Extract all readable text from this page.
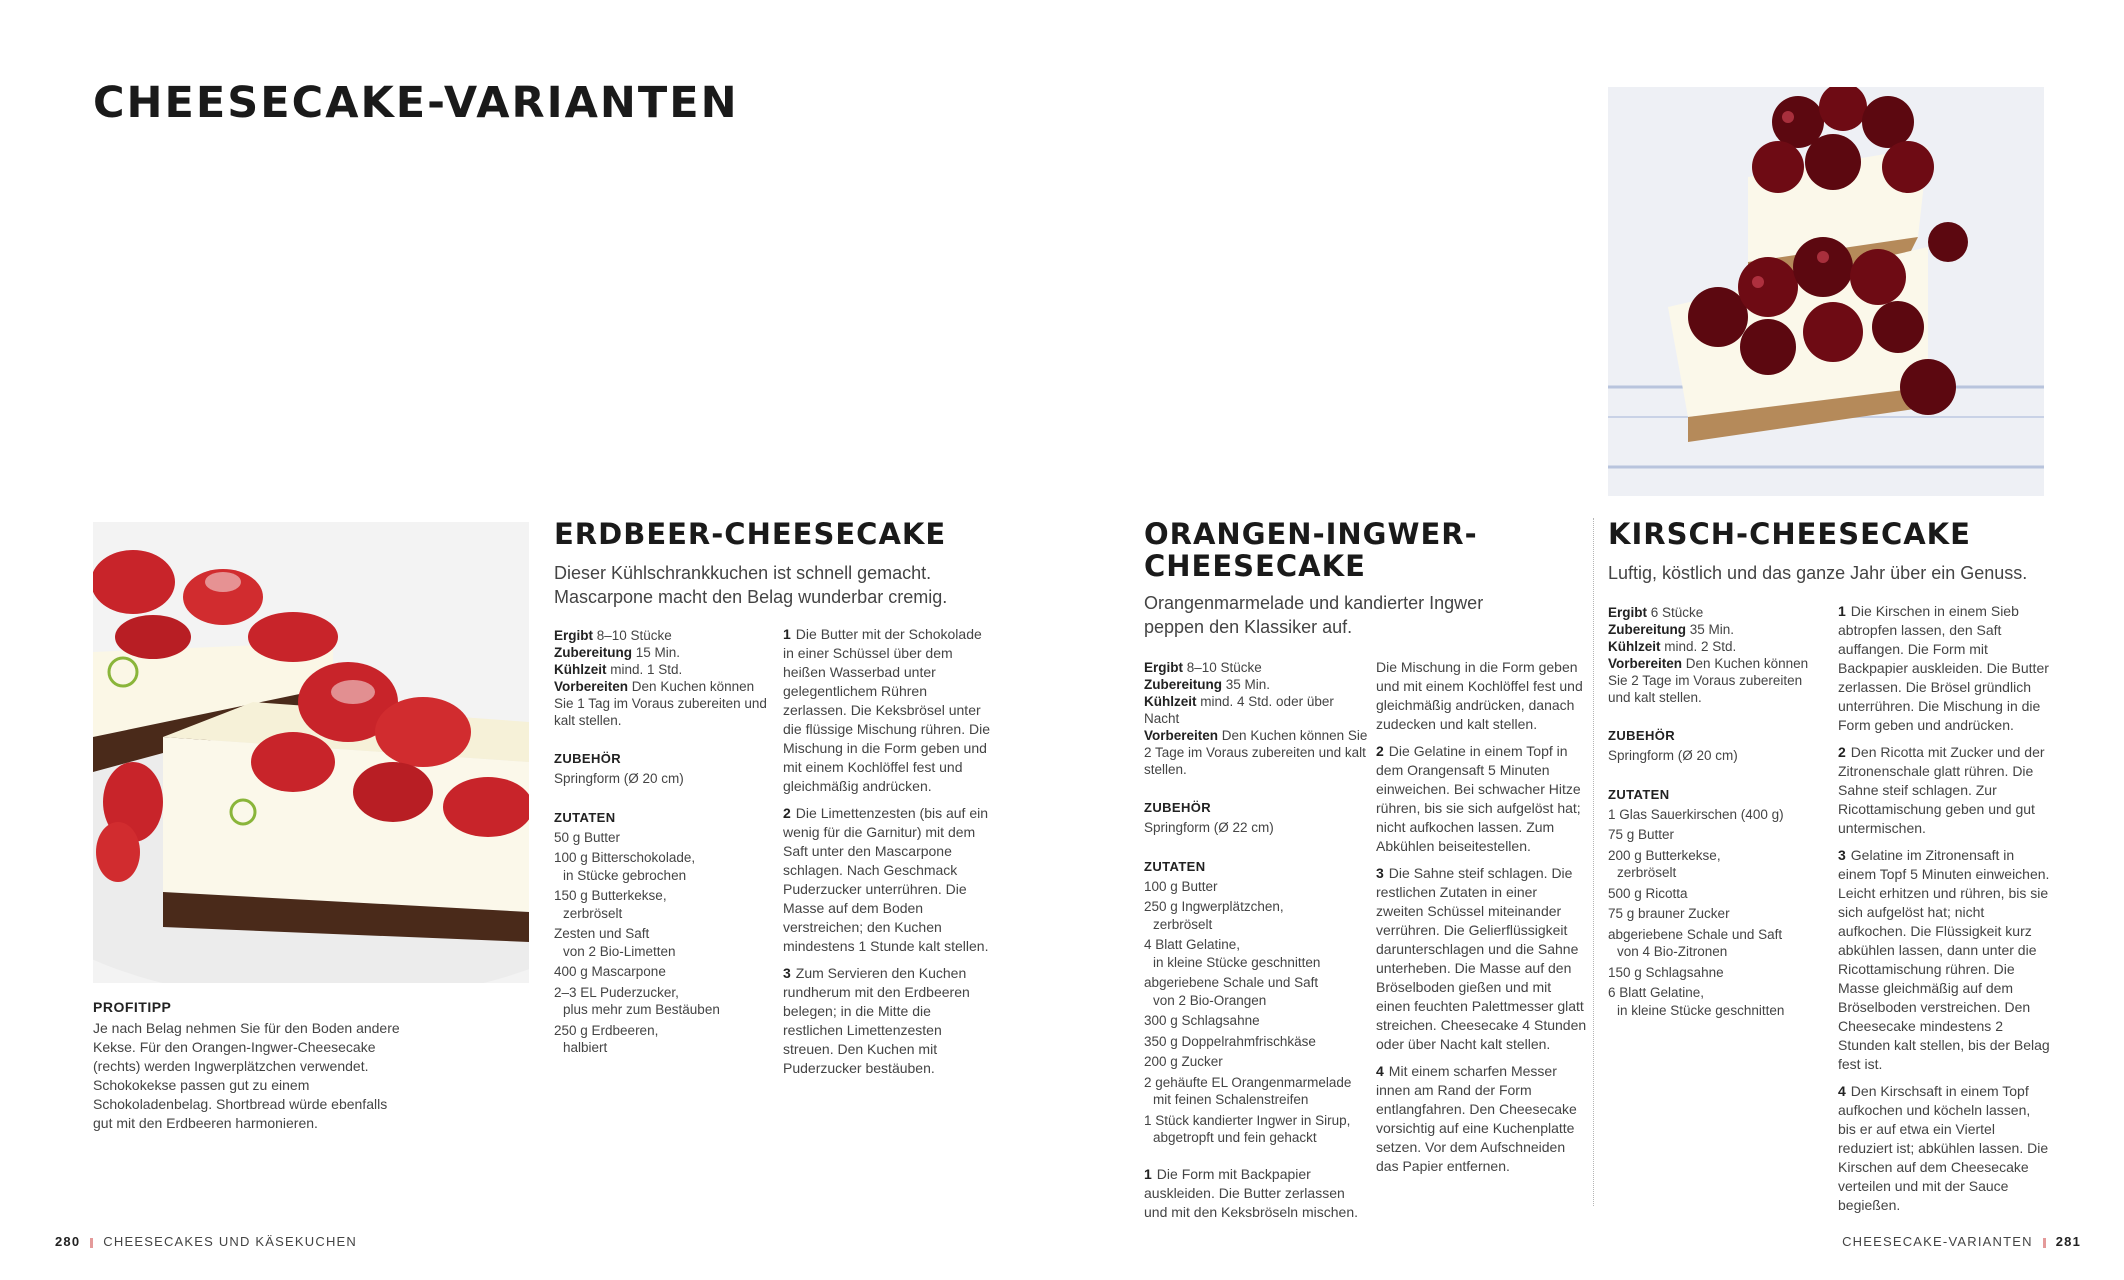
CHEESECAKE-VARIANTEN
ERDBEER-CHEESECAKE

Dieser Kühlschrankkuchen ist schnell gemacht. Mascarpone macht den Belag wunderbar cremig.

Ergibt 8–10 Stücke
Zubereitung 15 Min.
Kühlzeit mind. 1 Std.
Vorbereiten Den Kuchen können Sie 1 Tag im Voraus zubereiten und kalt stellen.
ZUBEHÖR
Springform (Ø 20 cm)
ZUTATEN
50 g Butter
100 g Bitterschokolade,
in Stücke gebrochen
150 g Butterkekse,
zerbröselt
Zesten und Saft
von 2 Bio-Limetten
400 g Mascarpone
2–3 EL Puderzucker,
plus mehr zum Bestäuben
250 g Erdbeeren,
halbiert

1 Die Butter mit der Schokolade in einer Schüssel über dem heißen Wasserbad unter gelegentlichem Rühren zerlassen. Die Keksbrösel unter die flüssige Mischung rühren. Die Mischung in die Form geben und mit einem Kochlöffel fest und gleichmäßig andrücken.

2 Die Limettenzesten (bis auf ein wenig für die Garnitur) mit dem Saft unter den Mascarpone schlagen. Nach Geschmack Puderzucker unterrühren. Die Masse auf dem Boden verstreichen; den Kuchen mindestens 1 Stunde kalt stellen.

3 Zum Servieren den Kuchen rundherum mit den Erdbeeren belegen; in die Mitte die restlichen Limettenzesten streuen. Den Kuchen mit Puderzucker bestäuben.

PROFITIPP
Je nach Belag nehmen Sie für den Boden andere Kekse. Für den Orangen-Ingwer-Cheesecake (rechts) werden Ingwerplätzchen verwendet. Schokokekse passen gut zu einem Schokoladenbelag. Shortbread würde ebenfalls gut mit den Erdbeeren harmonieren.
ORANGEN-INGWER-
CHEESECAKE

Orangenmarmelade und kandierter Ingwer peppen den Klassiker auf.

Ergibt 8–10 Stücke
Zubereitung 35 Min.
Kühlzeit mind. 4 Std. oder über Nacht
Vorbereiten Den Kuchen können Sie 2 Tage im Voraus zubereiten und kalt stellen.
ZUBEHÖR
Springform (Ø 22 cm)
ZUTATEN
100 g Butter
250 g Ingwerplätzchen,
zerbröselt
4 Blatt Gelatine,
in kleine Stücke geschnitten
abgeriebene Schale und Saft
von 2 Bio-Orangen
300 g Schlagsahne
350 g Doppelrahmfrischkäse
200 g Zucker
2 gehäufte EL Orangenmarmelade
mit feinen Schalenstreifen
1 Stück kandierter Ingwer in Sirup,
abgetropft und fein gehackt

1 Die Form mit Backpapier auskleiden. Die Butter zerlassen und mit den Keksbröseln mischen.

Die Mischung in die Form geben und mit einem Kochlöffel fest und gleichmäßig andrücken, danach zudecken und kalt stellen.

2 Die Gelatine in einem Topf in dem Orangensaft 5 Minuten einweichen. Bei schwacher Hitze rühren, bis sie sich aufgelöst hat; nicht aufkochen lassen. Zum Abkühlen beiseitestellen.

3 Die Sahne steif schlagen. Die restlichen Zutaten in einer zweiten Schüssel miteinander verrühren. Die Gelierflüssigkeit darunterschlagen und die Sahne unterheben. Die Masse auf den Bröselboden gießen und mit einen feuchten Palettmesser glatt streichen. Cheesecake 4 Stunden oder über Nacht kalt stellen.

4 Mit einem scharfen Messer innen am Rand der Form entlangfahren. Den Cheesecake vorsichtig auf eine Kuchenplatte setzen. Vor dem Aufschneiden das Papier entfernen.

KIRSCH-CHEESECAKE

Luftig, köstlich und das ganze Jahr über ein Genuss.

Ergibt 6 Stücke
Zubereitung 35 Min.
Kühlzeit mind. 2 Std.
Vorbereiten Den Kuchen können Sie 2 Tage im Voraus zubereiten und kalt stellen.
ZUBEHÖR
Springform (Ø 20 cm)
ZUTATEN
1 Glas Sauerkirschen (400 g)
75 g Butter
200 g Butterkekse,
zerbröselt
500 g Ricotta
75 g brauner Zucker
abgeriebene Schale und Saft
von 4 Bio-Zitronen
150 g Schlagsahne
6 Blatt Gelatine,
in kleine Stücke geschnitten

1 Die Kirschen in einem Sieb abtropfen lassen, den Saft auffangen. Die Form mit Backpapier auskleiden. Die Butter zerlassen. Die Brösel gründlich unterrühren. Die Mischung in die Form geben und andrücken.

2 Den Ricotta mit Zucker und der Zitronenschale glatt rühren. Die Sahne steif schlagen. Zur Ricottamischung geben und gut untermischen.

3 Gelatine im Zitronensaft in einem Topf 5 Minuten einweichen. Leicht erhitzen und rühren, bis sie sich aufgelöst hat; nicht aufkochen. Die Flüssigkeit kurz abkühlen lassen, dann unter die Ricottamischung rühren. Die Masse gleichmäßig auf dem Bröselboden verstreichen. Den Cheesecake mindestens 2 Stunden kalt stellen, bis der Belag fest ist.

4 Den Kirschsaft in einem Topf aufkochen und köcheln lassen, bis er auf etwa ein Viertel reduziert ist; abkühlen lassen. Die Kirschen auf dem Cheesecake verteilen und mit der Sauce begießen.

280 CHEESECAKES UND KÄSEKUCHEN	CHEESECAKE-VARIANTEN 281
